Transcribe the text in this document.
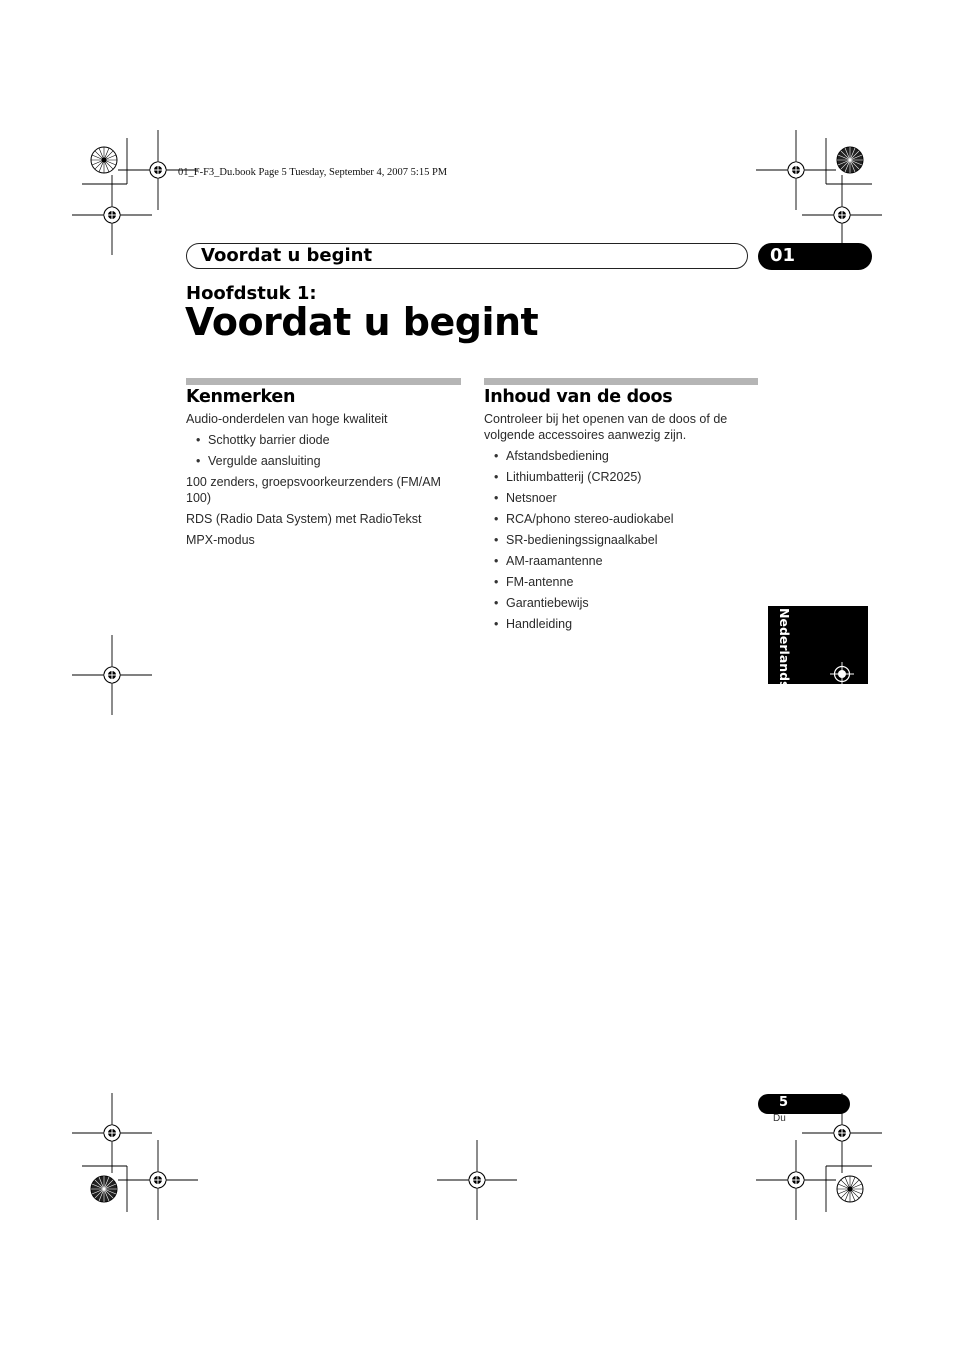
01_F-F3_Du.book Page 5 Tuesday, September 4, 2007 5:15 PM
Voordat u begint	01
Hoofdstuk 1:
Voordat u begint
Kenmerken

Audio-onderdelen van hoge kwaliteit

• Schottky barrier diode
• Vergulde aansluiting

100 zenders, groepsvoorkeurzenders (FM/AM 100)

RDS (Radio Data System) met RadioTekst

MPX-modus

Inhoud van de doos

Controleer bij het openen van de doos of de volgende accessoires aanwezig zijn.

• Afstandsbediening
• Lithiumbatterij (CR2025)
• Netsnoer
• RCA/phono stereo-audiokabel
• SR-bedieningssignaalkabel
• AM-raamantenne
• FM-antenne
• Garantiebewijs
• Handleiding	Nederlands
5
Du
